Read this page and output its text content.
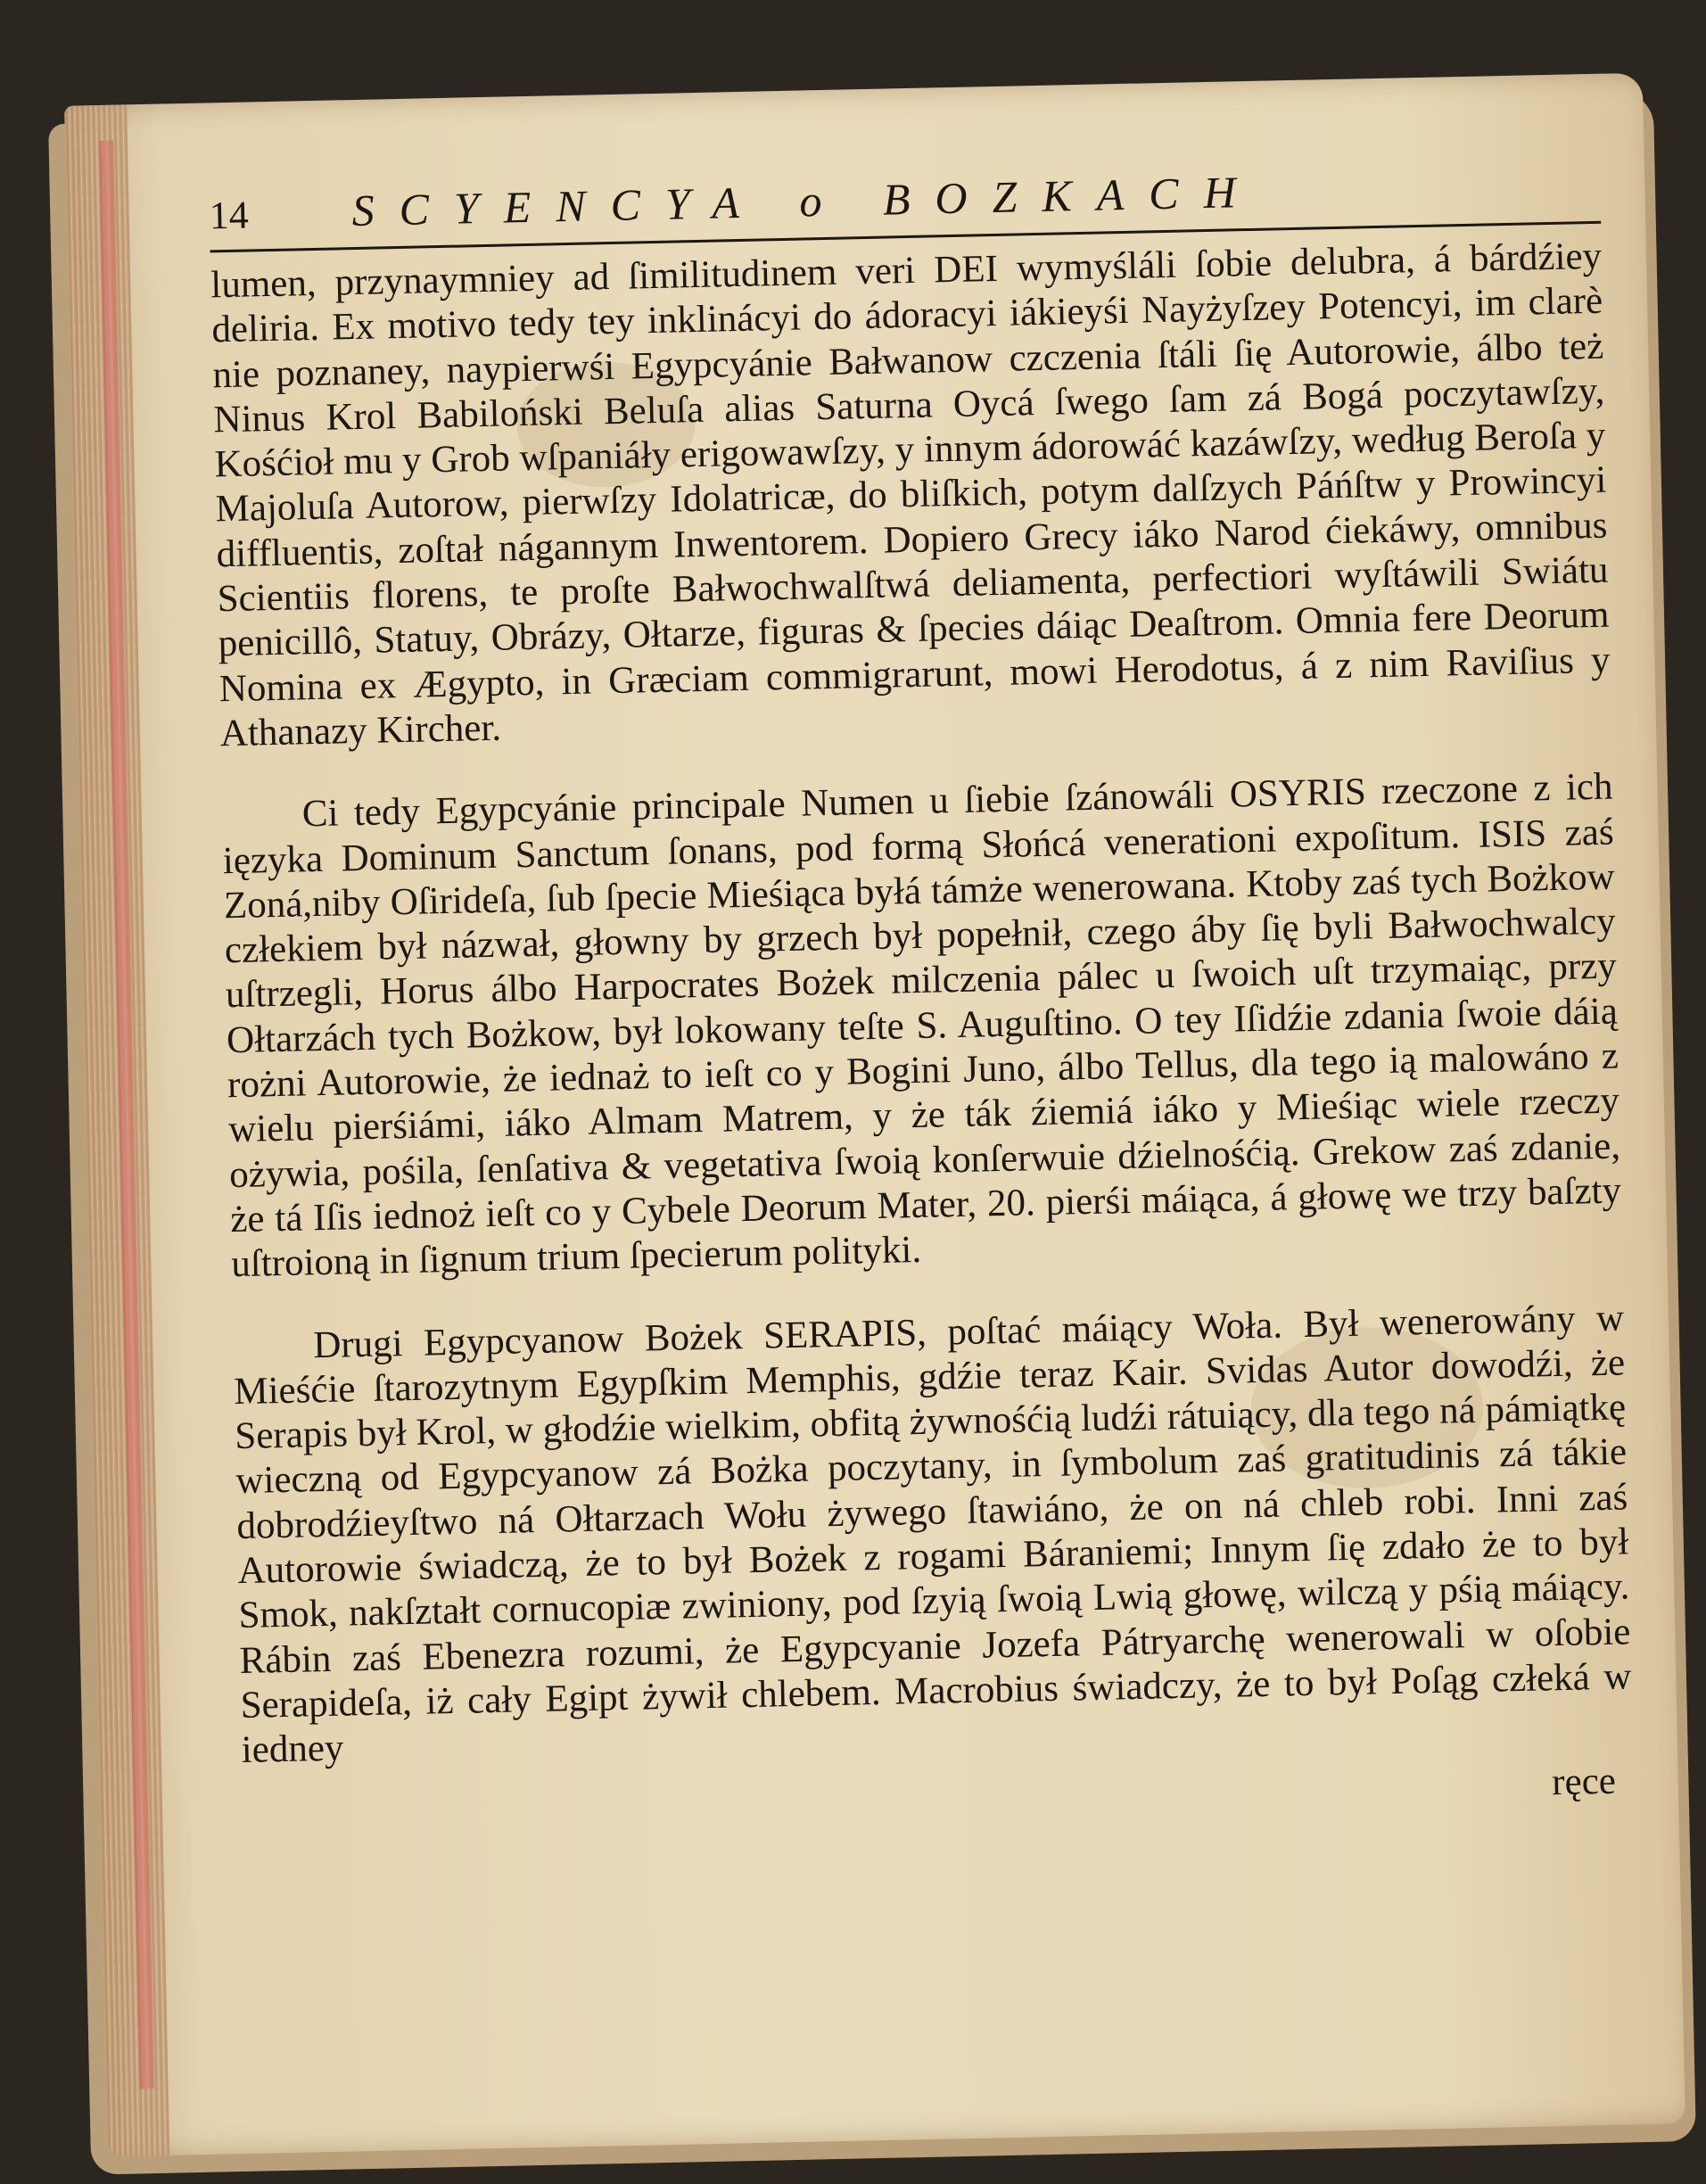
14	SCYENCYA o BOZKACH

lumen, przynaymniey ad ſimilitudinem veri DEI wymyśláli ſobie delubra, á bárdźiey deliria. Ex motivo tedy tey inklinácyi do ádoracyi iákieyśi Nayżyſzey Potencyi, im clarè nie poznaney, naypierwśi Egypcyánie Bałwanow czczenia ſtáli ſię Autorowie, álbo też Ninus Krol Babiloński Beluſa alias Saturna Oycá ſwego ſam zá Bogá poczytawſzy, Kośćioł mu y Grob wſpaniáły erigowawſzy, y innym ádorowáć kazáwſzy, według Beroſa y Majoluſa Autorow, pierwſzy Idolatricæ, do bliſkich, potym dalſzych Páńſtw y Prowincyi diffluentis, zoſtał nágannym Inwentorem. Dopiero Grecy iáko Narod ćiekáwy, omnibus Scientiis florens, te proſte Bałwochwalſtwá deliamenta, perfectiori wyſtáwili Swiátu penicillô, Statuy, Obrázy, Ołtarze, figuras & ſpecies dáiąc Deaſtrom. Omnia fere Deorum Nomina ex Ægypto, in Græciam commigrarunt, mowi Herodotus, á z nim Raviſius y Athanazy Kircher.

Ci tedy Egypcyánie principale Numen u ſiebie ſzánowáli OSYRIS rzeczone z ich ięzyka Dominum Sanctum ſonans, pod formą Słońcá venerationi expoſitum. ISIS zaś Zoná,niby Oſirideſa, ſub ſpecie Mieśiąca byłá támże wenerowana. Ktoby zaś tych Bożkow człekiem był názwał, głowny by grzech był popełnił, czego áby ſię byli Bałwochwalcy uſtrzegli, Horus álbo Harpocrates Bożek milczenia pálec u ſwoich uſt trzymaiąc, przy Ołtarzách tych Bożkow, był lokowany teſte S. Auguſtino. O tey Iſidźie zdania ſwoie dáią rożni Autorowie, że iednaż to ieſt co y Bogini Juno, álbo Tellus, dla tego ią malowáno z wielu pierśiámi, iáko Almam Matrem, y że ták źiemiá iáko y Mieśiąc wiele rzeczy ożywia, pośila, ſenſativa & vegetativa ſwoią konſerwuie dźielnośćią. Grekow zaś zdanie, że tá Iſis iednoż ieſt co y Cybele Deorum Mater, 20. pierśi máiąca, á głowę we trzy baſzty uſtroioną in ſignum trium ſpecierum polityki.

Drugi Egypcyanow Bożek SERAPIS, poſtać máiący Woła. Był wenerowány w Mieśćie ſtarozytnym Egypſkim Memphis, gdźie teraz Kair. Svidas Autor dowodźi, że Serapis był Krol, w głodźie wielkim, obfitą żywnośćią ludźi rátuiący, dla tego ná pámiątkę wieczną od Egypcyanow zá Bożka poczytany, in ſymbolum zaś gratitudinis zá tákie dobrodźieyſtwo ná Ołtarzach Wołu żywego ſtawiáno, że on ná chleb robi. Inni zaś Autorowie świadczą, że to był Bożek z rogami Báraniemi; Innym ſię zdało że to był Smok, nakſztałt cornucopiæ zwiniony, pod ſzyią ſwoią Lwią głowę, wilczą y pśią máiący. Rábin zaś Ebenezra rozumi, że Egypcyanie Jozefa Pátryarchę wenerowali w oſobie Serapideſa, iż cały Egipt żywił chlebem. Macrobius świadczy, że to był Poſąg człeká w iedney

ręce
